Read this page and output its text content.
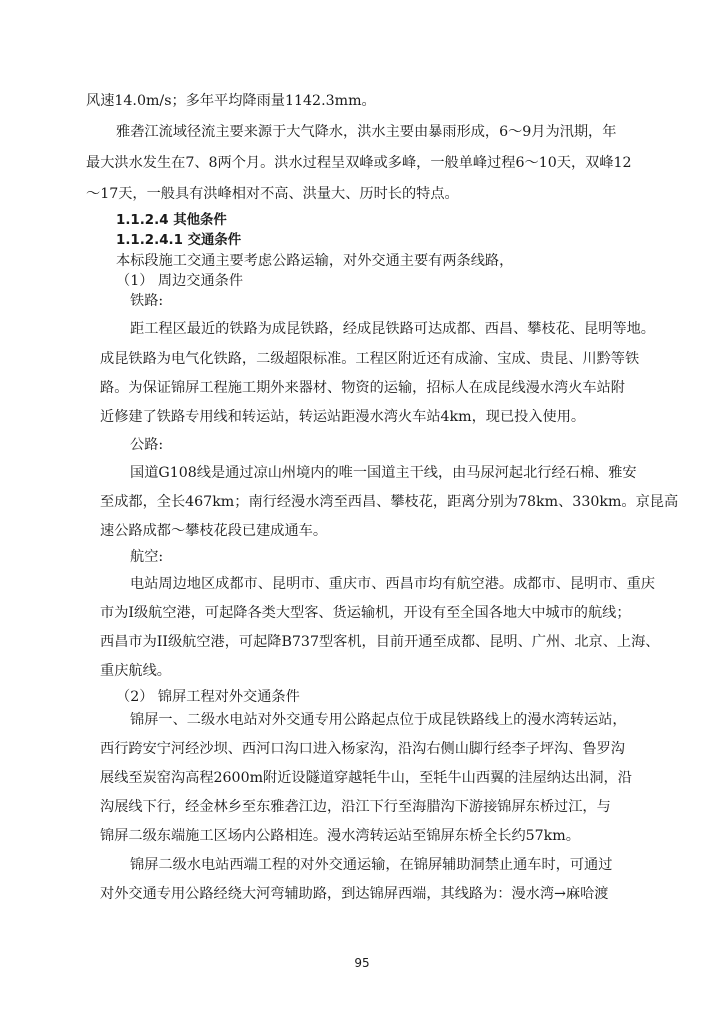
风速14.0m/s；多年平均降雨量1142.3mm。
雅砻江流域径流主要来源于大气降水，洪水主要由暴雨形成，6～9月为汛期，年
最大洪水发生在7、8两个月。洪水过程呈双峰或多峰，一般单峰过程6～10天，双峰12
～17天，一般具有洪峰相对不高、洪量大、历时长的特点。
1.1.2.4 其他条件
1.1.2.4.1 交通条件
本标段施工交通主要考虑公路运输，对外交通主要有两条线路，
（1） 周边交通条件
铁路:
距工程区最近的铁路为成昆铁路，经成昆铁路可达成都、西昌、攀枝花、昆明等地。
成昆铁路为电气化铁路，二级超限标准。工程区附近还有成渝、宝成、贵昆、川黔等铁
路。为保证锦屏工程施工期外来器材、物资的运输，招标人在成昆线漫水湾火车站附
近修建了铁路专用线和转运站，转运站距漫水湾火车站4km，现已投入使用。
公路:
国道G108线是通过凉山州境内的唯一国道主干线，由马尿河起北行经石棉、雅安
至成都，全长467km；南行经漫水湾至西昌、攀枝花，距离分别为78km、330km。京昆高
速公路成都～攀枝花段已建成通车。
航空:
电站周边地区成都市、昆明市、重庆市、西昌市均有航空港。成都市、昆明市、重庆
市为I级航空港，可起降各类大型客、货运输机，开设有至全国各地大中城市的航线；
西昌市为II级航空港，可起降B737型客机，目前开通至成都、昆明、广州、北京、上海、
重庆航线。
（2） 锦屏工程对外交通条件
锦屏一、二级水电站对外交通专用公路起点位于成昆铁路线上的漫水湾转运站，
西行跨安宁河经沙坝、西河口沟口进入杨家沟，沿沟右侧山脚行经李子坪沟、鲁罗沟
展线至炭窑沟高程2600m附近设隧道穿越牦牛山，至牦牛山西翼的洼屋纳达出洞，沿
沟展线下行，经金林乡至东雅砻江边，沿江下行至海腊沟下游接锦屏东桥过江，与
锦屏二级东端施工区场内公路相连。漫水湾转运站至锦屏东桥全长约57km。
锦屏二级水电站西端工程的对外交通运输，在锦屏辅助洞禁止通车时，可通过
对外交通专用公路经绕大河弯辅助路，到达锦屏西端，其线路为：漫水湾→麻哈渡
95
